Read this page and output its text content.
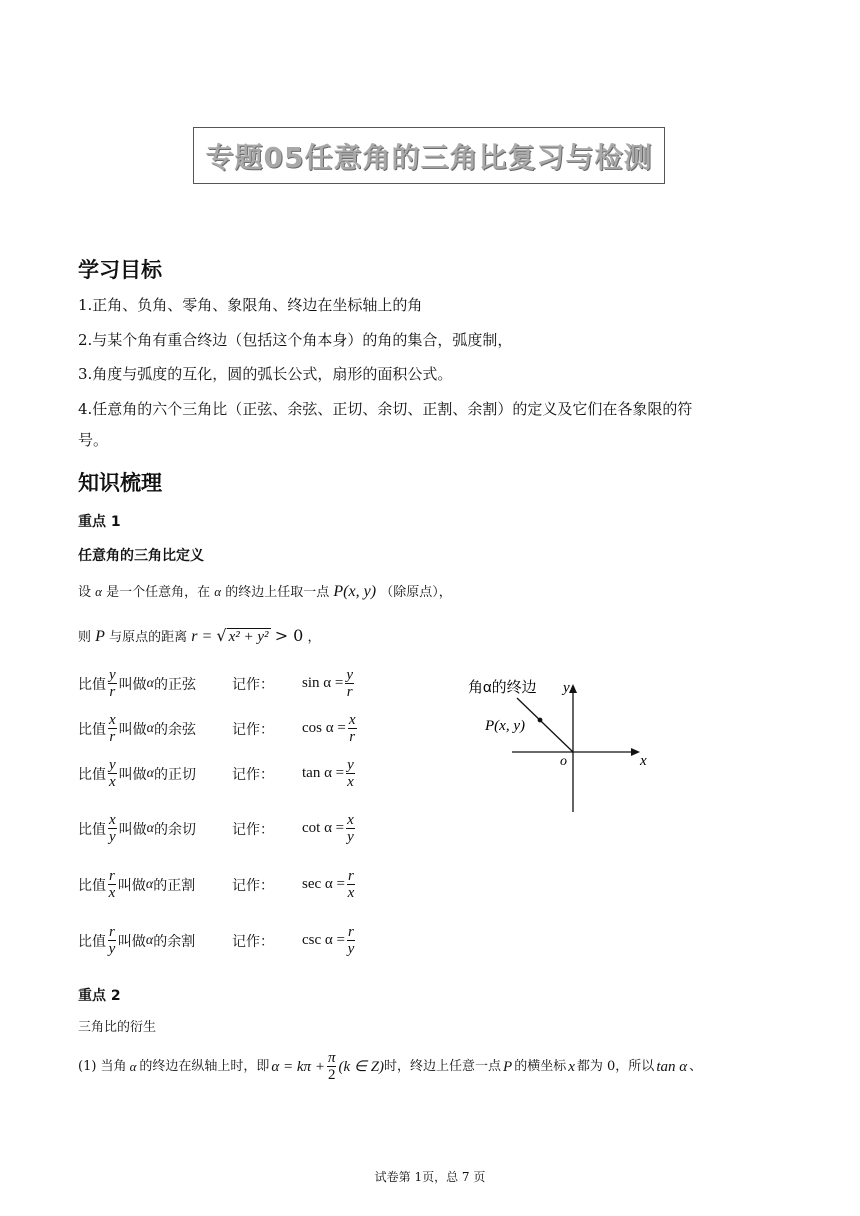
专题05任意角的三角比复习与检测
学习目标
1.正角、负角、零角、象限角、终边在坐标轴上的角
2.与某个角有重合终边（包括这个角本身）的角的集合，弧度制，
3.角度与弧度的互化，圆的弧长公式，扇形的面积公式。
4.任意角的六个三角比（正弦、余弦、正切、余切、正割、余割）的定义及它们在各象限的符
号。
知识梳理
重点 1
任意角的三角比定义
设 α 是一个任意角，在 α 的终边上任取一点 P(x, y) （除原点），
则 P 与原点的距离 r = √ x² + y² > 0 ，
比值 $\frac{y}{r}$ 叫做 α 的正弦	记作：	$\sin \alpha = \frac{y}{r}$
比值 $\frac{x}{r}$ 叫做 α 的余弦	记作：	$\cos \alpha = \frac{x}{r}$
比值 $\frac{y}{x}$ 叫做 α 的正切	记作：	$\tan \alpha = \frac{y}{x}$
比值 $\frac{x}{y}$ 叫做 α 的余切	记作：	$\cot \alpha = \frac{x}{y}$
比值 $\frac{r}{x}$ 叫做 α 的正割	记作：	$\sec \alpha = \frac{r}{x}$
比值 $\frac{r}{y}$ 叫做 α 的余割	记作：	$\csc \alpha = \frac{r}{y}$
角α的终边 y
P(x, y)
o	x
重点 2
三角比的衍生
(1) 当角 α 的终边在纵轴上时，即 $\alpha = k\pi + \frac{\pi}{2} (k$ ∈ Z) 时，终边上任意一点 P 的横坐标 x 都为 0，所以 tan α 、
试卷第 1页，总 7 页
